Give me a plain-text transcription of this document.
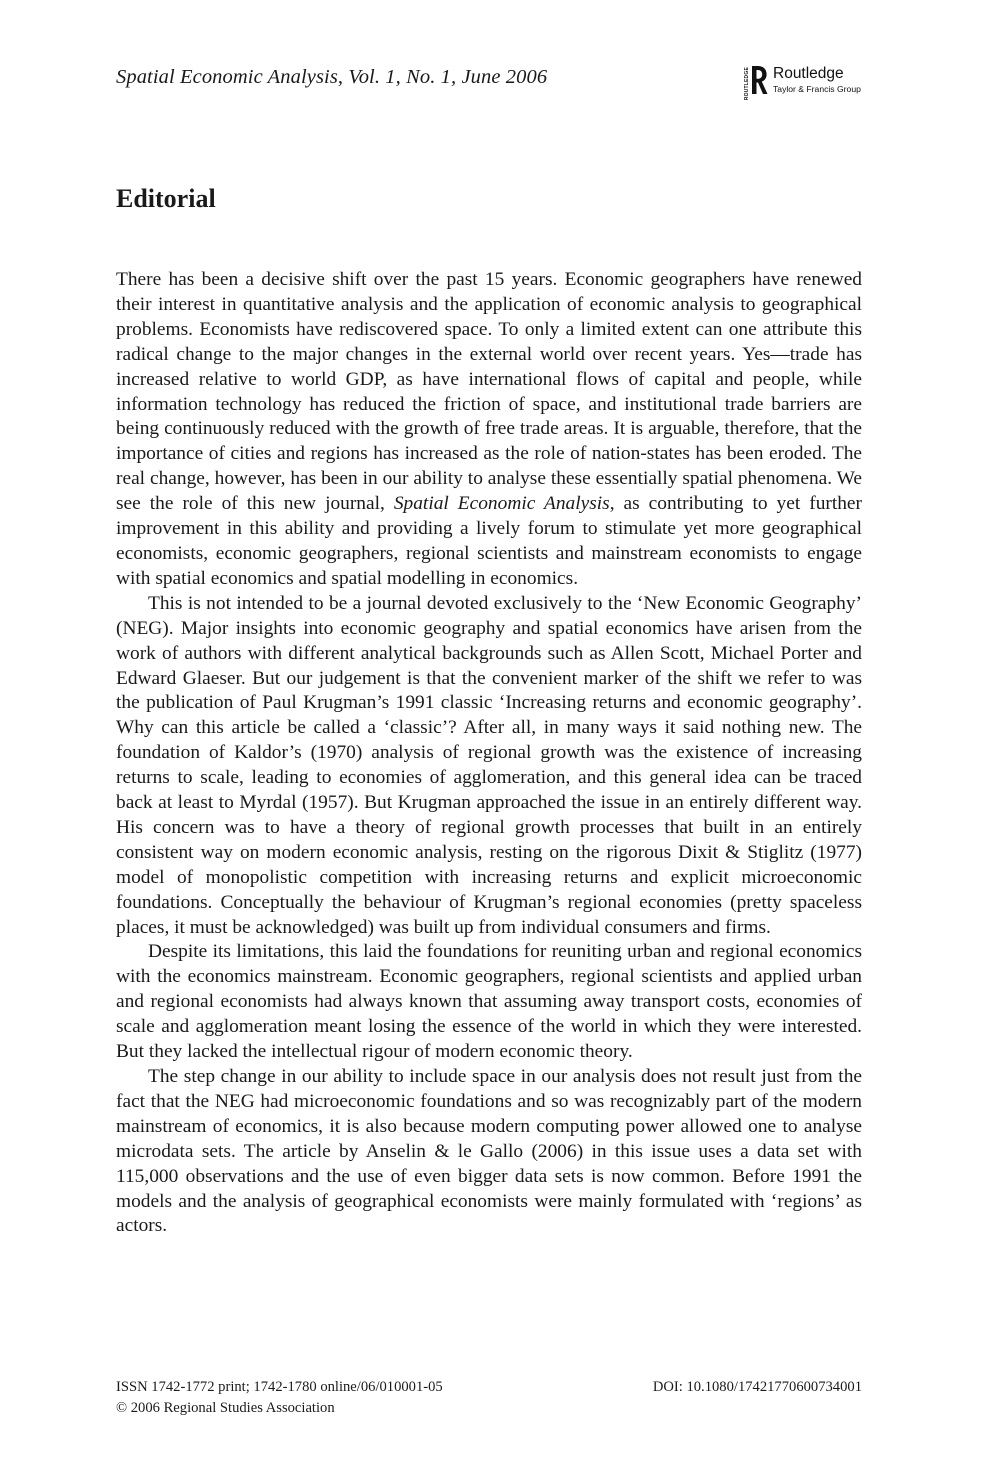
Spatial Economic Analysis, Vol. 1, No. 1, June 2006	ROUTLEDGE Routledge
Taylor & Francis Group
Editorial

There has been a decisive shift over the past 15 years. Economic geographers have renewed their interest in quantitative analysis and the application of economic analysis to geographical problems. Economists have rediscovered space. To only a limited extent can one attribute this radical change to the major changes in the external world over recent years. Yes—trade has increased relative to world GDP, as have international flows of capital and people, while information technology has reduced the friction of space, and institutional trade barriers are being continuously reduced with the growth of free trade areas. It is arguable, therefore, that the importance of cities and regions has increased as the role of nation-states has been eroded. The real change, however, has been in our ability to analyse these essentially spatial phenomena. We see the role of this new journal, Spatial Economic Analysis, as contributing to yet further improvement in this ability and providing a lively forum to stimulate yet more geographical economists, economic geographers, regional scientists and mainstream economists to engage with spatial economics and spatial modelling in economics.

This is not intended to be a journal devoted exclusively to the ‘New Economic Geography’ (NEG). Major insights into economic geography and spatial economics have arisen from the work of authors with different analytical backgrounds such as Allen Scott, Michael Porter and Edward Glaeser. But our judgement is that the convenient marker of the shift we refer to was the publication of Paul Krugman’s 1991 classic ‘Increasing returns and economic geography’. Why can this article be called a ‘classic’? After all, in many ways it said nothing new. The foundation of Kaldor’s (1970) analysis of regional growth was the existence of increasing returns to scale, leading to economies of agglomeration, and this general idea can be traced back at least to Myrdal (1957). But Krugman approached the issue in an entirely different way. His concern was to have a theory of regional growth processes that built in an entirely consistent way on modern economic analysis, resting on the rigorous Dixit & Stiglitz (1977) model of monopolistic competition with increasing returns and explicit microeconomic foundations. Conceptually the behaviour of Krugman’s regional economies (pretty spaceless places, it must be acknowledged) was built up from individual consumers and firms.

Despite its limitations, this laid the foundations for reuniting urban and regional economics with the economics mainstream. Economic geographers, regional scientists and applied urban and regional economists had always known that assuming away transport costs, economies of scale and agglomeration meant losing the essence of the world in which they were interested. But they lacked the intellectual rigour of modern economic theory.

The step change in our ability to include space in our analysis does not result just from the fact that the NEG had microeconomic foundations and so was recognizably part of the modern mainstream of economics, it is also because modern computing power allowed one to analyse microdata sets. The article by Anselin & le Gallo (2006) in this issue uses a data set with 115,000 observations and the use of even bigger data sets is now common. Before 1991 the models and the analysis of geographical economists were mainly formulated with ‘regions’ as actors.

ISSN 1742-1772 print; 1742-1780 online/06/010001-05	DOI: 10.1080/17421770600734001
© 2006 Regional Studies Association
